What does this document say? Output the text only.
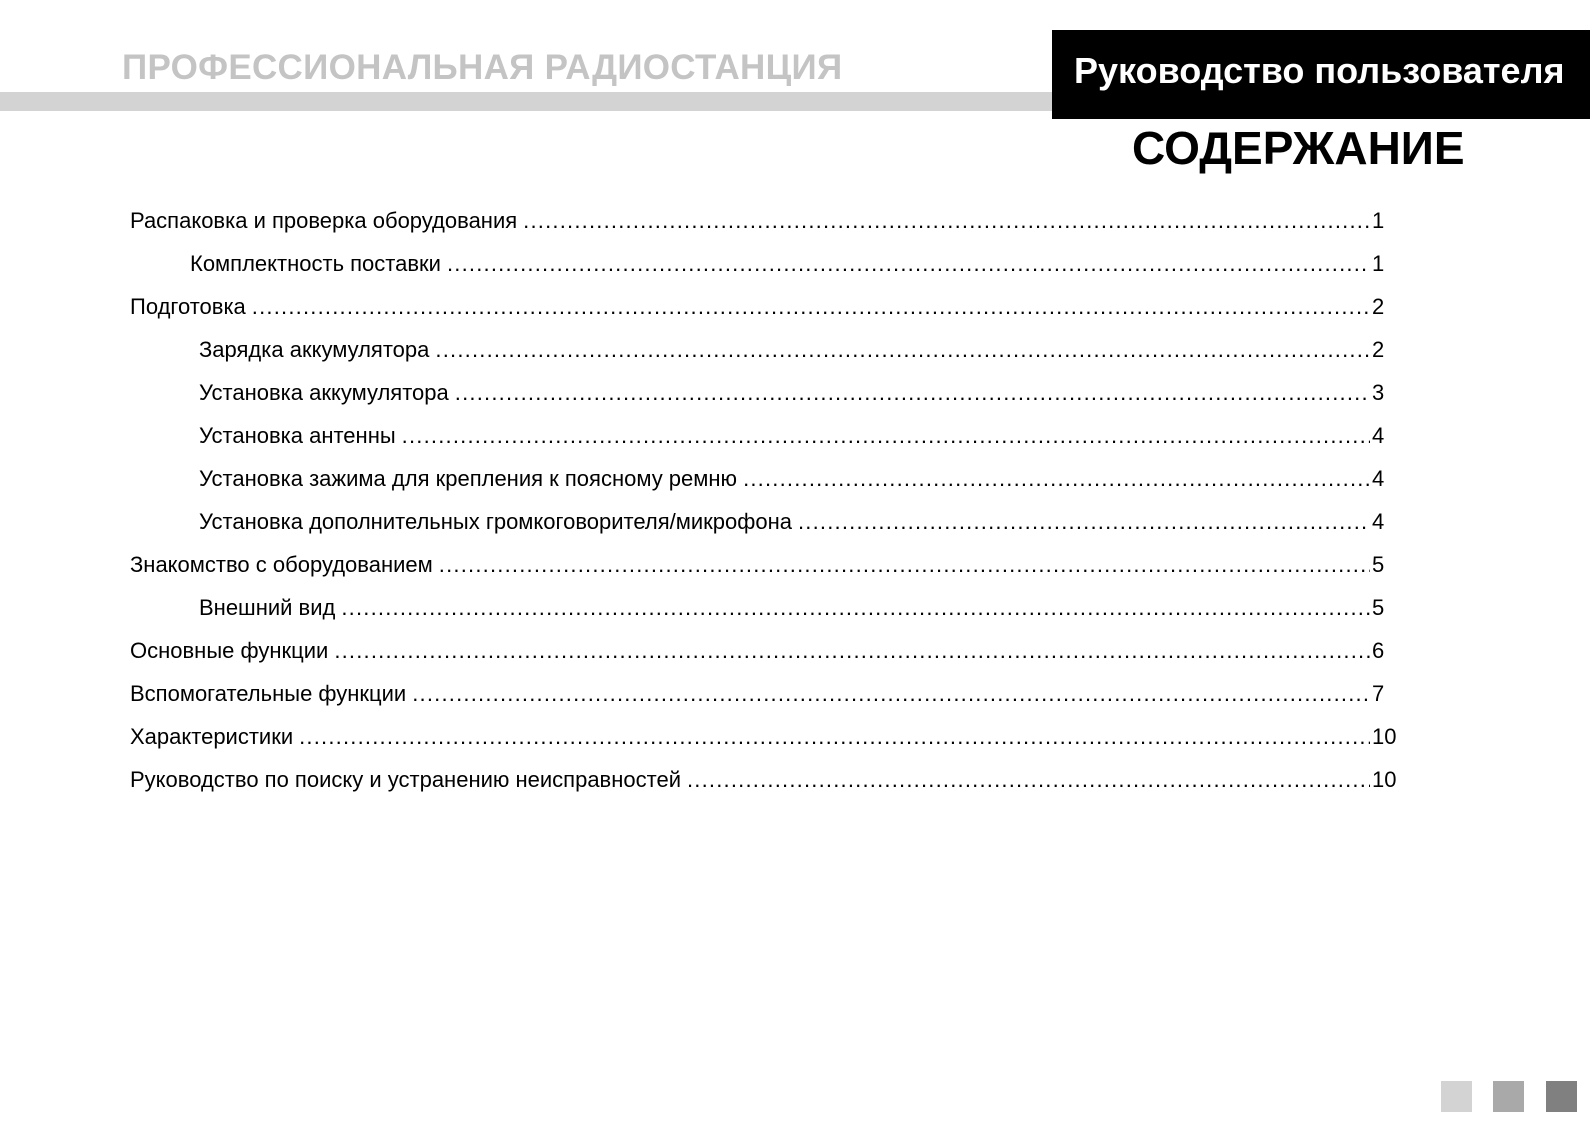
ПРОФЕССИОНАЛЬНАЯ РАДИОСТАНЦИЯ	Руководство пользователя
СОДЕРЖАНИЕ
Распаковка и проверка оборудования .....	1
Комплектность поставки .....	1
Подготовка .....	2
Зарядка аккумулятора .....	2
Установка аккумулятора .....	3
Установка антенны .....	4
Установка зажима для крепления к поясному ремню .....	4
Установка дополнительных громкоговорителя/микрофона .....	4
Знакомство с оборудованием .....	5
Внешний вид .....	5
Основные функции .....	6
Вспомогательные функции .....	7
Характеристики .....	10
Руководство по поиску и устранению неисправностей .....	10
